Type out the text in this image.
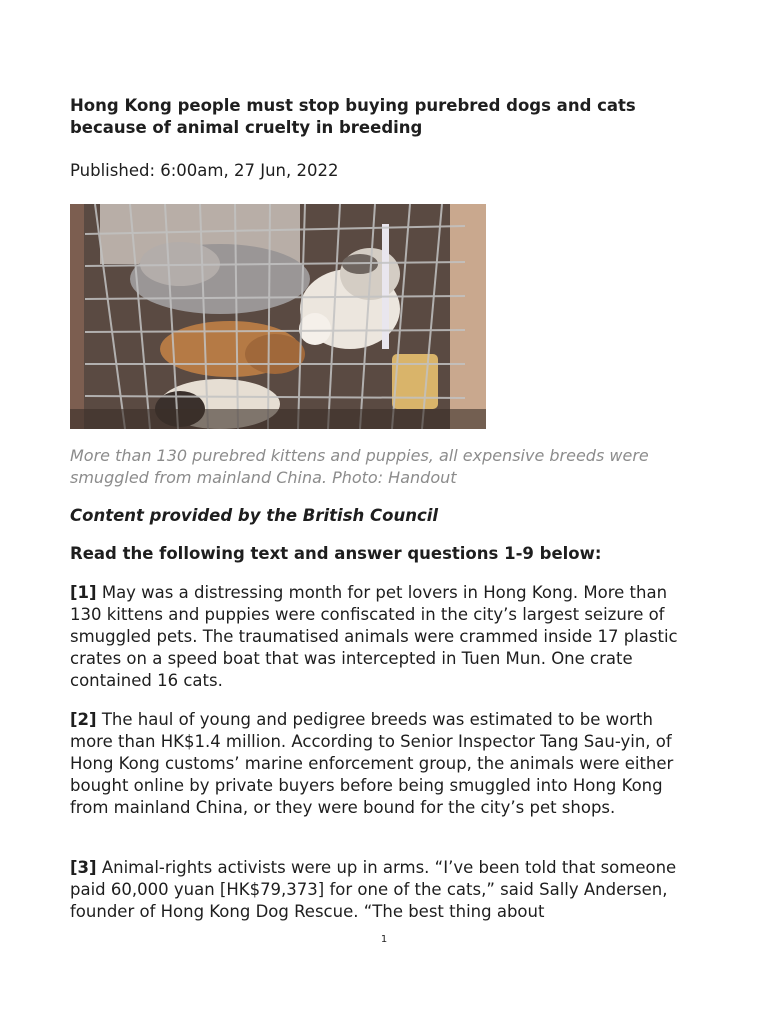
Hong Kong people must stop buying purebred dogs and cats because of animal cruelty in breeding
Published: 6:00am, 27 Jun, 2022
More than 130 purebred kittens and puppies, all expensive breeds were smuggled from mainland China. Photo: Handout
Content provided by the British Council
Read the following text and answer questions 1-9 below:

[1] May was a distressing month for pet lovers in Hong Kong. More than 130 kittens and puppies were confiscated in the city’s largest seizure of smuggled pets. The traumatised animals were crammed inside 17 plastic crates on a speed boat that was intercepted in Tuen Mun. One crate contained 16 cats.

[2] The haul of young and pedigree breeds was estimated to be worth more than HK$1.4 million. According to Senior Inspector Tang Sau-yin, of Hong Kong customs’ marine enforcement group, the animals were either bought online by private buyers before being smuggled into Hong Kong from mainland China, or they were bound for the city’s pet shops.

[3] Animal-rights activists were up in arms. “I’ve been told that someone paid 60,000 yuan [HK$79,373] for one of the cats,” said Sally Andersen, founder of Hong Kong Dog Rescue. “The best thing about

1
